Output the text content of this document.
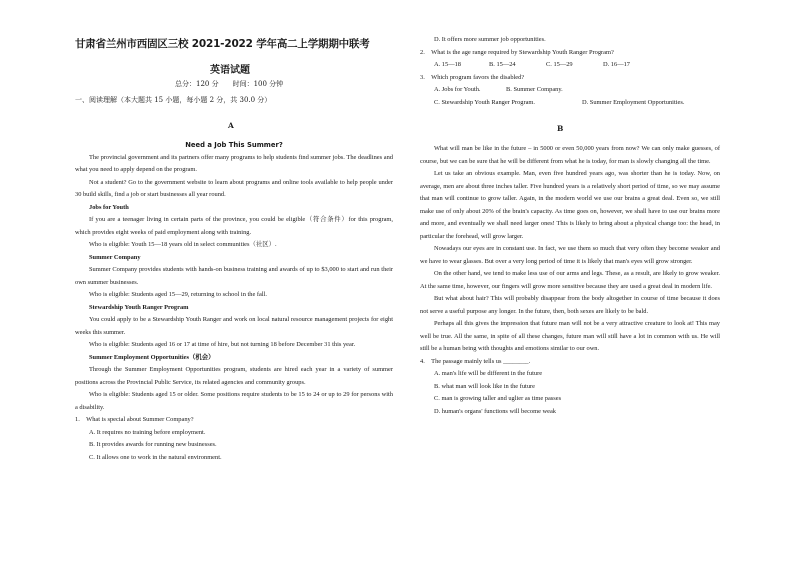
甘肃省兰州市西固区三校 2021-2022 学年高二上学期期中联考
英语试题
总分：120 分　　时间：100 分钟
一、阅读理解（本大题共 15 小题，每小题 2 分，共 30.0 分）
A

Need a Job This Summer?

The provincial government and its partners offer many programs to help students find summer jobs. The deadlines and what you need to apply depend on the program.

Not a student? Go to the government website to learn about programs and online tools available to help people under 30 build skills, find a job or start businesses all year round.

Jobs for Youth

If you are a teenager living in certain parts of the province, you could be eligible（符合条件）for this program, which provides eight weeks of paid employment along with training.

Who is eligible: Youth 15—18 years old in select communities（社区）.

Summer Company

Summer Company provides students with hands-on business training and awards of up to $3,000 to start and run their own summer businesses.

Who is eligible: Students aged 15—29, returning to school in the fall.

Stewardship Youth Ranger Program

You could apply to be a Stewardship Youth Ranger and work on local natural resource management projects for eight weeks this summer.

Who is eligible: Students aged 16 or 17 at time of hire, but not turning 18 before December 31 this year.

Summer Employment Opportunities（机会）

Through the Summer Employment Opportunities program, students are hired each year in a variety of summer positions across the Provincial Public Service, its related agencies and community groups.

Who is eligible: Students aged 15 or older. Some positions require students to be 15 to 24 or up to 29 for persons with a disability.

1.　What is special about Summer Company?

A. It requires no training before employment.

B. It provides awards for running new businesses.

C. It allows one to work in the natural environment.

D. It offers more summer job opportunities.

2.　What is the age range required by Stewardship Youth Ranger Program?

A. 15—18	B. 15—24	C. 15—29	D. 16—17

3.　Which program favors the disabled?

A. Jobs for Youth.	B. Summer Company.

C. Stewardship Youth Ranger Program.	D. Summer Employment Opportunities.

B

What will man be like in the future – in 5000 or even 50,000 years from now? We can only make guesses, of course, but we can be sure that he will be different from what he is today, for man is slowly changing all the time.

Let us take an obvious example. Man, even five hundred years ago, was shorter than he is today. Now, on average, men are about three inches taller. Five hundred years is a relatively short period of time, so we may assume that man will continue to grow taller. Again, in the modern world we use our brains a great deal. Even so, we still make use of only about 20% of the brain's capacity. As time goes on, however, we shall have to use our brains more and more, and eventually we shall need larger ones! This is likely to bring about a physical change too: the head, in particular the forehead, will grow larger.

Nowadays our eyes are in constant use. In fact, we use them so much that very often they become weaker and we have to wear glasses. But over a very long period of time it is likely that man's eyes will grow stronger.

On the other hand, we tend to make less use of our arms and legs. These, as a result, are likely to grow weaker. At the same time, however, our fingers will grow more sensitive because they are used a great deal in modern life.

But what about hair? This will probably disappear from the body altogether in course of time because it does not serve a useful purpose any longer. In the future, then, both sexes are likely to be bald.

Perhaps all this gives the impression that future man will not be a very attractive creature to look at! This may well be true. All the same, in spite of all these changes, future man will still have a lot in common with us. He will still be a human being with thoughts and emotions similar to our own.

4.　The passage mainly tells us ________.

A. man's life will be different in the future

B. what man will look like in the future

C. man is growing taller and uglier as time passes

D. human's organs' functions will become weak
